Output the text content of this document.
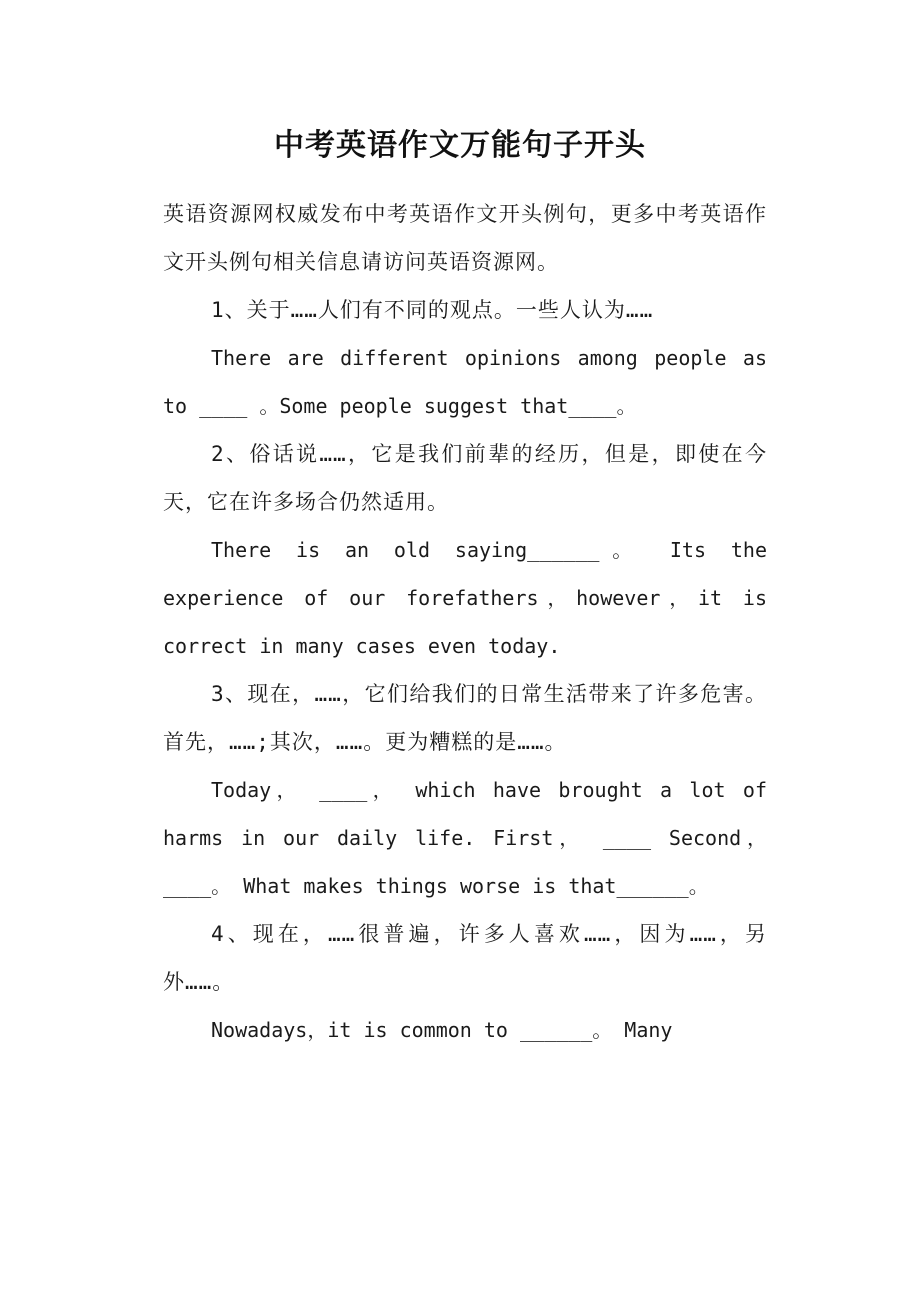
中考英语作文万能句子开头

英语资源网权威发布中考英语作文开头例句，更多中考英语作文开头例句相关信息请访问英语资源网。

1、关于……人们有不同的观点。一些人认为……

There are different opinions among people as to ____ 。Some people suggest that____。

2、俗话说……，它是我们前辈的经历，但是，即使在今天，它在许多场合仍然适用。

There is an old saying______。 Its the experience of our forefathers，however，it is correct in many cases even today.

3、现在，……，它们给我们的日常生活带来了许多危害。首先，……;其次，……。更为糟糕的是……。

Today， ____， which have brought a lot of harms in our daily life. First， ____ Second，____。 What makes things worse is that______。

4、现在，……很普遍，许多人喜欢……，因为……，另外……。

Nowadays，it is common to ______。 Many
